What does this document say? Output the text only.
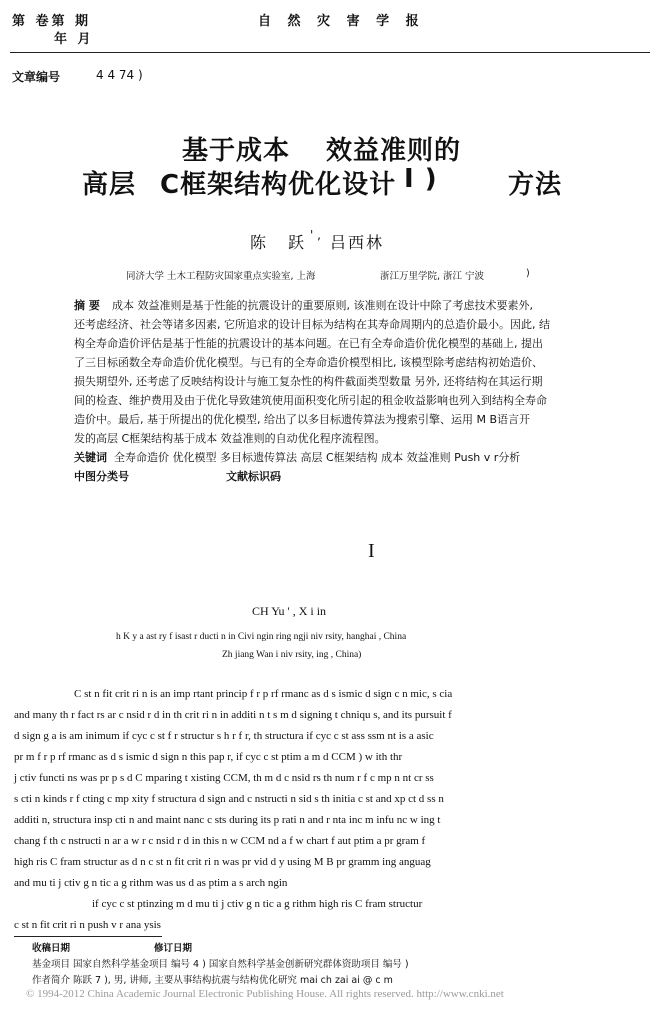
第 卷第 期
年 月
自 然 灾 害 学 报
文章编号	4 4 74 )
基于成本 效益准则的
高层 C框架结构优化设计 Ⅰ )	方法
陈 跃 ' , 吕西林
同济大学 土木工程防灾国家重点实验室, 上海	浙江万里学院, 浙江 宁波	)
摘 要 成本 效益准则是基于性能的抗震设计的重要原则, 该准则在设计中除了考虑技术要素外,
还考虑经济、社会等诸多因素, 它所追求的设计目标为结构在其寿命周期内的总造价最小。因此, 结
构全寿命造价评估是基于性能的抗震设计的基本问题。在已有全寿命造价优化模型的基础上, 提出
了三目标函数全寿命造价优化模型。与已有的全寿命造价模型相比, 该模型除考虑结构初始造价、
损失期望外, 还考虑了反映结构设计与施工复杂性的构件截面类型数量 另外, 还将结构在其运行期
间的检查、维护费用及由于优化导致建筑使用面积变化所引起的租金收益影响也列入到结构全寿命
造价中。最后, 基于所提出的优化模型, 给出了以多目标遗传算法为搜索引擎、运用 M B语言开
发的高层 C框架结构基于成本 效益准则的自动优化程序流程图。
关键词 全寿命造价 优化模型 多目标遗传算法 高层 C框架结构 成本 效益准则 Push v r分析
中图分类号	文献标识码
I
CH Yu ' , X i in
h K y a ast ry f isast r ducti n in Civi ngin ring ngji niv rsity, hanghai , China
Zh jiang Wan i niv rsity, ing , China)
C st n fit crit ri n is an imp rtant princip f r p rf rmanc as d s ismic d sign c n mic, s cia
and many th r fact rs ar c nsid r d in th crit ri n in additi n t s m d signing t chniqu s, and its pursuit f
d sign g a is am inimum if cyc c st f r structur s h r f r, th structura if cyc c st ass ssm nt is a asic
pr m f r p rf rmanc as d s ismic d sign n this pap r, if cyc c st ptim a m d CCM ) w ith thr
j ctiv functi ns was pr p s d C mparing t xisting CCM, th m d c nsid rs th num r f c mp n nt cr ss
s cti n kinds r f cting c mp xity f structura d sign and c nstructi n sid s th initia c st and xp ct d ss n
additi n, structura insp cti n and maint nanc c sts during its p rati n and r nta inc m infu nc w ing t
chang f th c nstructi n ar a w r c nsid r d in this n w CCM nd a f w chart f aut ptim a pr gram f
high ris C fram structur as d n c st n fit crit ri n was pr vid d y using M B pr gramm ing anguag
and mu ti j ctiv g n tic a g rithm was us d as ptim a s arch ngin
if cyc c st ptinzing m d mu ti j ctiv g n tic a g rithm high ris C fram structur
c st n fit crit ri n push v r ana ysis
收稿日期	修订日期
基金项目 国家自然科学基金项目 编号 4 ) 国家自然科学基金创新研究群体资助项目 编号 )
作者简介 陈跃 7 ), 男, 讲师, 主要从事结构抗震与结构优化研究 mai ch zai ai @ c m
© 1994-2012 China Academic Journal Electronic Publishing House. All rights reserved. http://www.cnki.net
